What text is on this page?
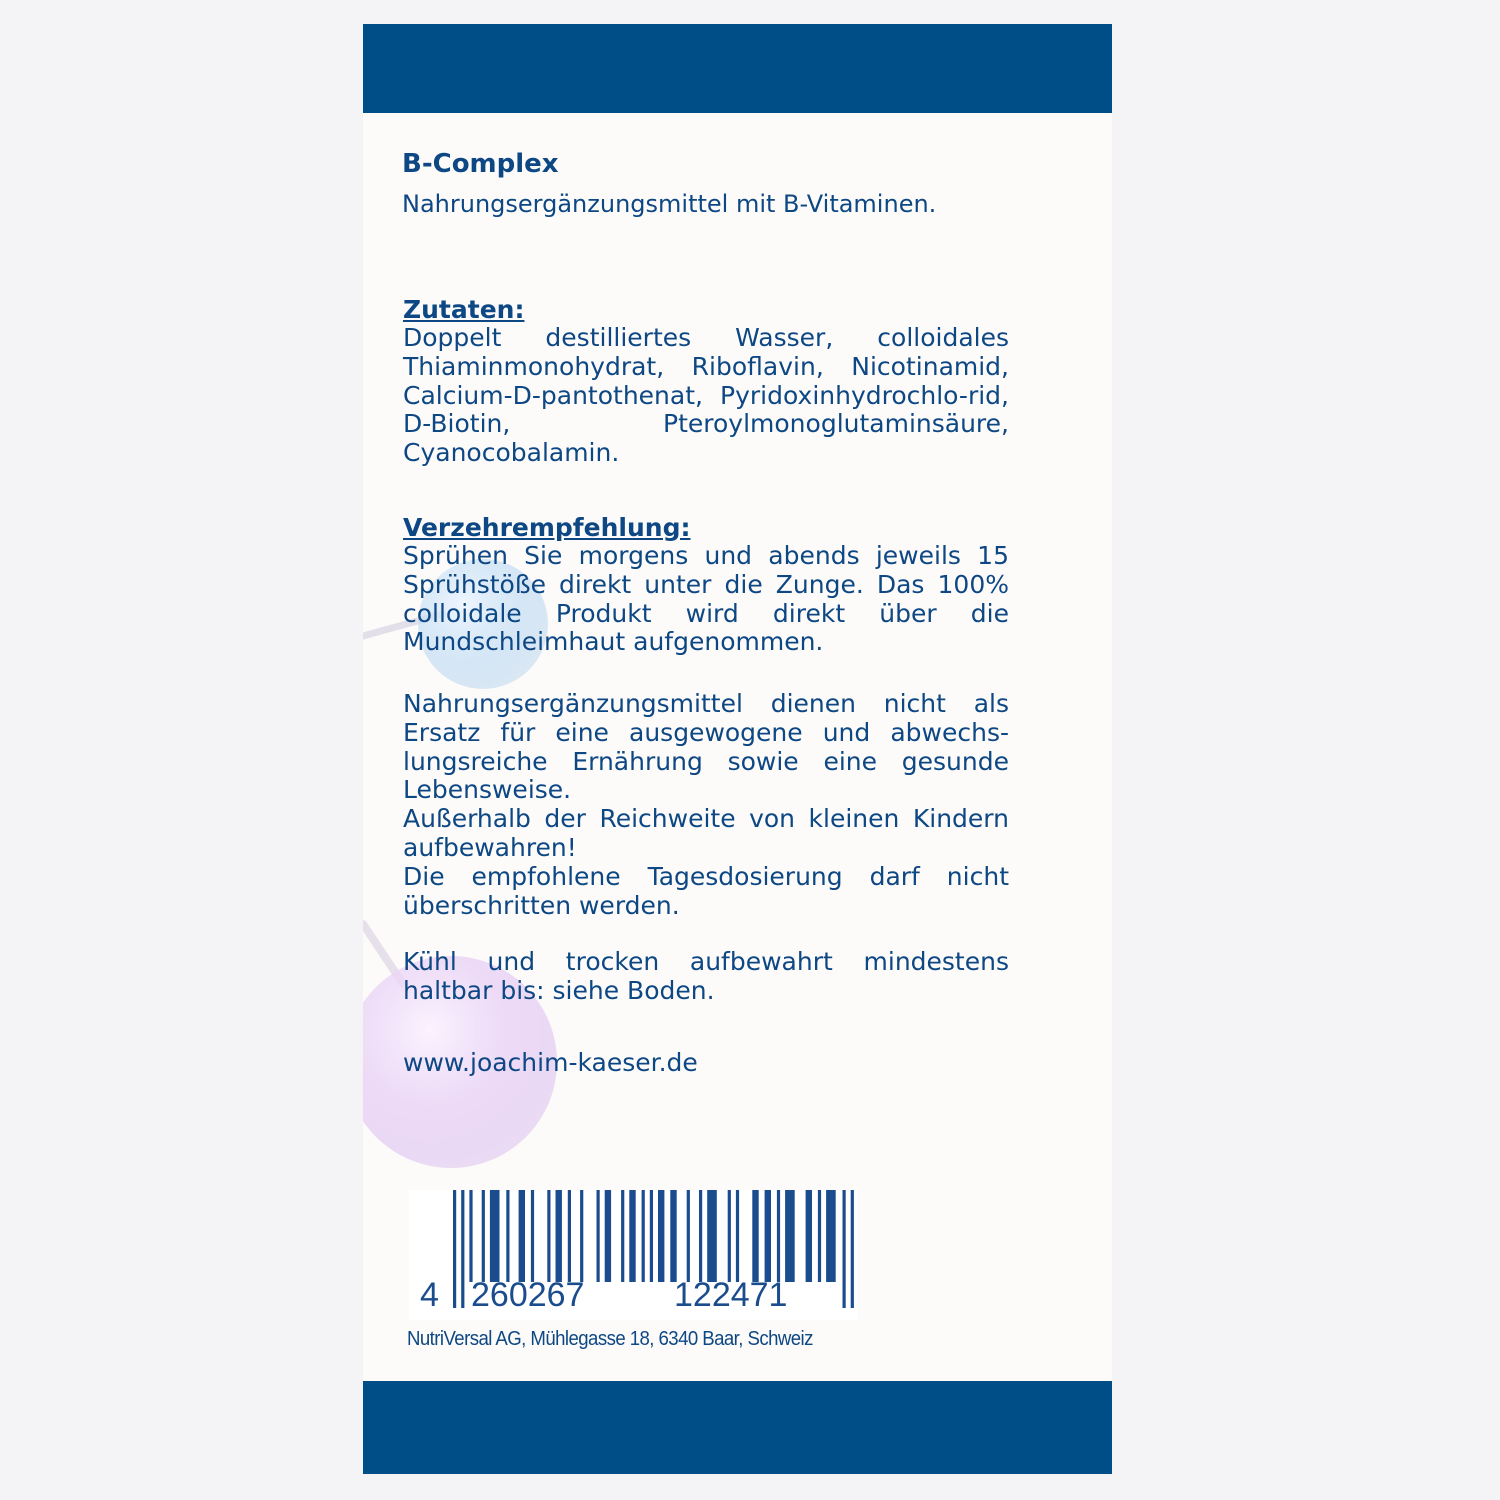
B-Complex
Nahrungsergänzungsmittel mit B-Vitaminen.
Zutaten:
Doppelt destilliertes Wasser, colloidales Thiaminmonohydrat, Riboflavin, Nicotinamid, Calcium-D-pantothenat, Pyridoxinhydrochlo-rid, D-Biotin, Pteroylmonoglutaminsäure, Cyanocobalamin.
Verzehrempfehlung:
Sprühen Sie morgens und abends jeweils 15 Sprühstöße direkt unter die Zunge. Das 100% colloidale Produkt wird direkt über die Mundschleimhaut aufgenommen.
Nahrungsergänzungsmittel dienen nicht als Ersatz für eine ausgewogene und abwechs-lungsreiche Ernährung sowie eine gesunde Lebensweise.
Außerhalb der Reichweite von kleinen Kindern aufbewahren!
Die empfohlene Tagesdosierung darf nicht überschritten werden.
Kühl und trocken aufbewahrt mindestens haltbar bis: siehe Boden.
www.joachim-kaeser.de
4 260267	122471
NutriVersal AG, Mühlegasse 18, 6340 Baar, Schweiz
